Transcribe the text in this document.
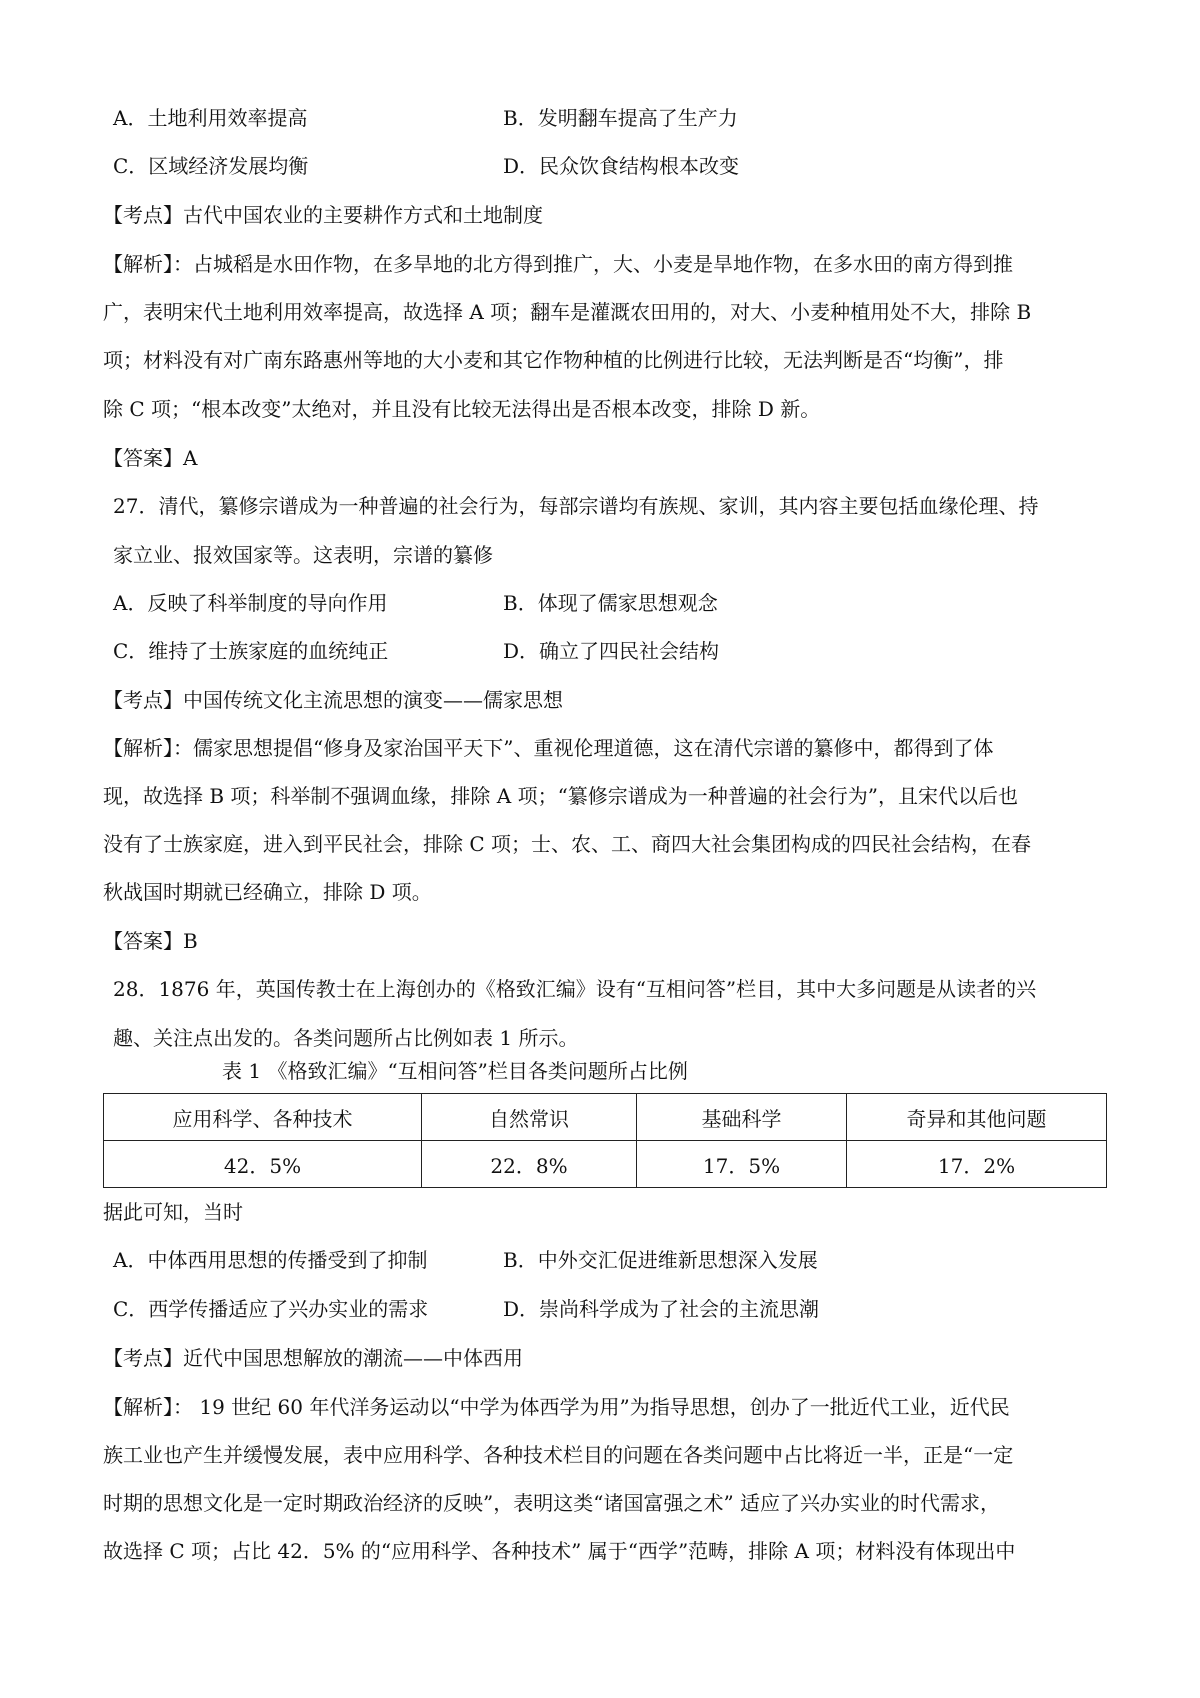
A．土地利用效率提高	B．发明翻车提高了生产力
C．区域经济发展均衡	D．民众饮食结构根本改变
【考点】古代中国农业的主要耕作方式和土地制度
【解析】：占城稻是水田作物，在多旱地的北方得到推广，大、小麦是旱地作物，在多水田的南方得到推
广，表明宋代土地利用效率提高，故选择 A 项；翻车是灌溉农田用的，对大、小麦种植用处不大，排除 B
项；材料没有对广南东路惠州等地的大小麦和其它作物种植的比例进行比较，无法判断是否“均衡”，排
除 C 项；“根本改变”太绝对，并且没有比较无法得出是否根本改变，排除 D 新。
【答案】A
27．清代，纂修宗谱成为一种普遍的社会行为，每部宗谱均有族规、家训，其内容主要包括血缘伦理、持
家立业、报效国家等。这表明，宗谱的纂修
A．反映了科举制度的导向作用	B．体现了儒家思想观念
C．维持了士族家庭的血统纯正	D．确立了四民社会结构
【考点】中国传统文化主流思想的演变——儒家思想
【解析】：儒家思想提倡“修身及家治国平天下”、重视伦理道德，这在清代宗谱的纂修中，都得到了体
现，故选择 B 项；科举制不强调血缘，排除 A 项；“纂修宗谱成为一种普遍的社会行为”，且宋代以后也
没有了士族家庭，进入到平民社会，排除 C 项；士、农、工、商四大社会集团构成的四民社会结构，在春
秋战国时期就已经确立，排除 D 项。
【答案】B
28．1876 年，英国传教士在上海创办的《格致汇编》设有“互相问答”栏目，其中大多问题是从读者的兴
趣、关注点出发的。各类问题所占比例如表 1 所示。
表 1 《格致汇编》“互相问答”栏目各类问题所占比例
应用科学、各种技术	自然常识	基础科学	奇异和其他问题
42．5%	22．8%	17．5%	17．2%
据此可知，当时
A．中体西用思想的传播受到了抑制	B．中外交汇促进维新思想深入发展
C．西学传播适应了兴办实业的需求	D．崇尚科学成为了社会的主流思潮
【考点】近代中国思想解放的潮流——中体西用
【解析】： 19 世纪 60 年代洋务运动以“中学为体西学为用”为指导思想，创办了一批近代工业，近代民
族工业也产生并缓慢发展，表中应用科学、各种技术栏目的问题在各类问题中占比将近一半，正是“一定
时期的思想文化是一定时期政治经济的反映”，表明这类“诸国富强之术” 适应了兴办实业的时代需求，
故选择 C 项；占比 42．5% 的“应用科学、各种技术” 属于“西学”范畴，排除 A 项；材料没有体现出中
